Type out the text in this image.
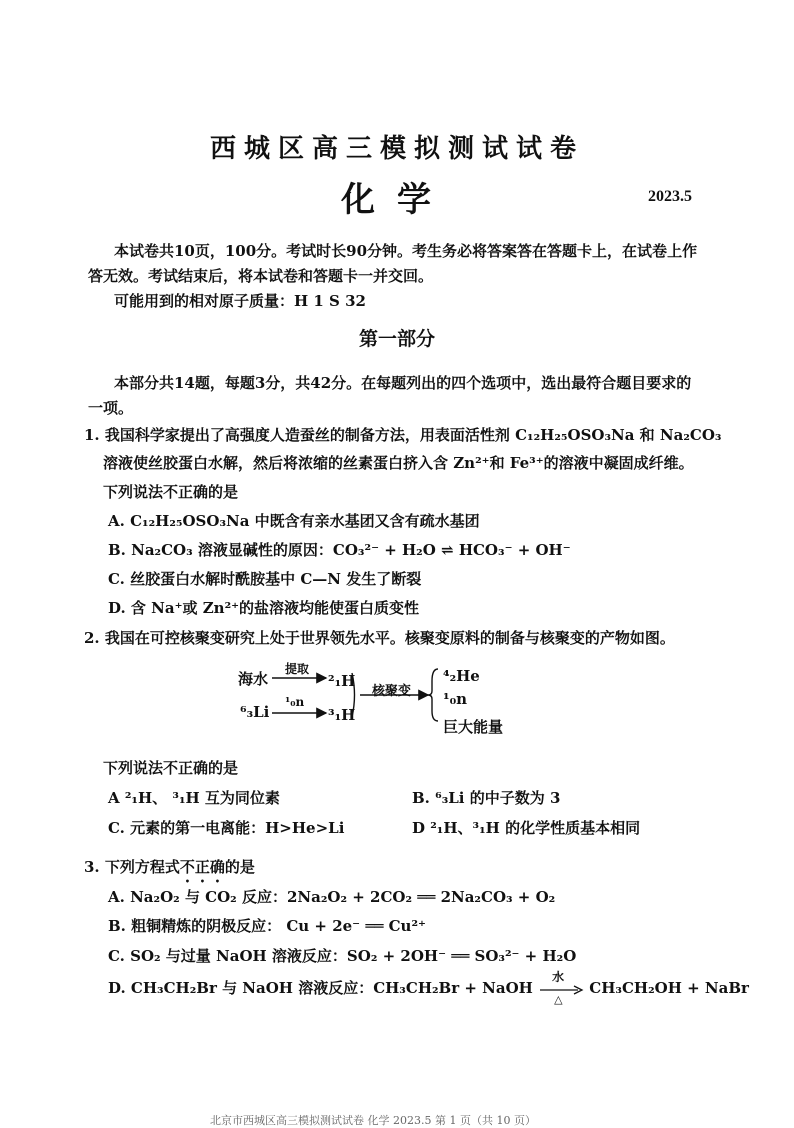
西城区高三模拟测试试卷
化学	2023.5
本试卷共10页，100分。考试时长90分钟。考生务必将答案答在答题卡上，在试卷上作
答无效。考试结束后，将本试卷和答题卡一并交回。
可能用到的相对原子质量：H 1 S 32
第一部分
本部分共14题，每题3分，共42分。在每题列出的四个选项中，选出最符合题目要求的
一项。
1. 我国科学家提出了高强度人造蚕丝的制备方法，用表面活性剂 C₁₂H₂₅OSO₃Na 和 Na₂CO₃
溶液使丝胶蛋白水解，然后将浓缩的丝素蛋白挤入含 Zn²⁺和 Fe³⁺的溶液中凝固成纤维。
下列说法不正确的是
A. C₁₂H₂₅OSO₃Na 中既含有亲水基团又含有疏水基团
B. Na₂CO₃ 溶液显碱性的原因：CO₃²⁻ + H₂O ⇌ HCO₃⁻ + OH⁻
C. 丝胶蛋白水解时酰胺基中 C—N 发生了断裂
D. 含 Na⁺或 Zn²⁺的盐溶液均能使蛋白质变性
2. 我国在可控核聚变研究上处于世界领先水平。核聚变原料的制备与核聚变的产物如图。
海水
提取
²₁H
⁶₃Li
¹₀n
³₁H
核聚变
⁴₂He
¹₀n
巨大能量
下列说法不正确的是
A ²₁H、 ³₁H 互为同位素	B. ⁶₃Li 的中子数为 3
C. 元素的第一电离能：H>He>Li	D ²₁H、³₁H 的化学性质基本相同
3. 下列方程式不正确的是
A. Na₂O₂ 与 CO₂ 反应：2Na₂O₂ + 2CO₂ ══ 2Na₂CO₃ + O₂
B. 粗铜精炼的阴极反应： Cu + 2e⁻ ══ Cu²⁺
C. SO₂ 与过量 NaOH 溶液反应：SO₂ + 2OH⁻ ══ SO₃²⁻ + H₂O
D. CH₃CH₂Br 与 NaOH 溶液反应：CH₃CH₂Br + NaOH
水
△
CH₃CH₂OH + NaBr
北京市西城区高三模拟测试试卷 化学 2023.5 第 1 页（共 10 页）
